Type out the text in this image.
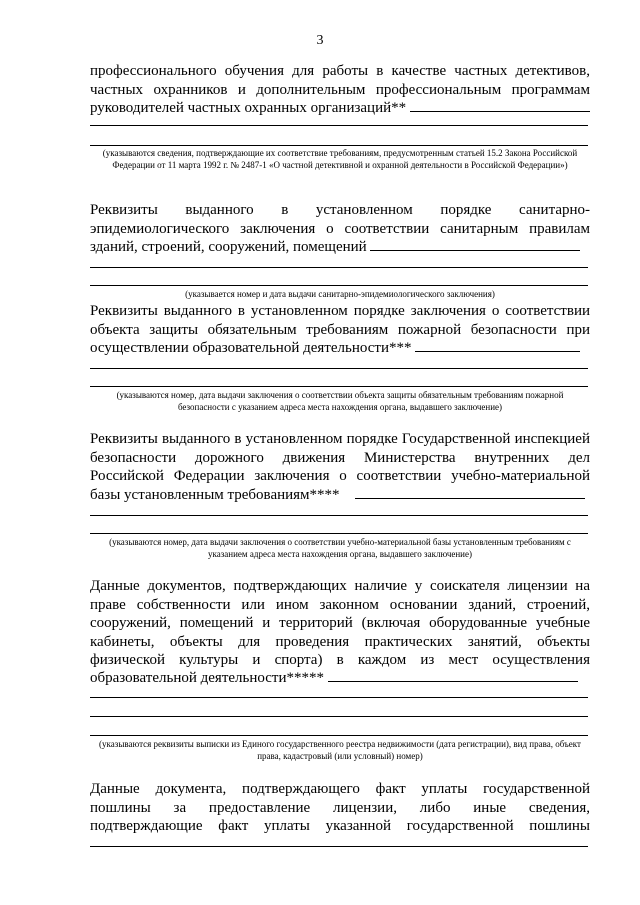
3
профессионального обучения для работы в качестве частных детективов,
частных охранников и дополнительным профессиональным программам
руководителей частных охранных организаций**
(указываются сведения, подтверждающие их соответствие требованиям, предусмотренным статьей 15.2 Закона Российской Федерации от 11 марта 1992 г. № 2487-1 «О частной детективной и охранной деятельности в Российской Федерации»)
Реквизиты выданного в установленном порядке санитарно-
эпидемиологического заключения о соответствии санитарным правилам
зданий, строений, сооружений, помещений
(указывается номер и дата выдачи санитарно-эпидемиологического заключения)
Реквизиты выданного в установленном порядке заключения о соответствии
объекта защиты обязательным требованиям пожарной безопасности при
осуществлении образовательной деятельности***
(указываются номер, дата выдачи заключения о соответствии объекта защиты обязательным требованиям пожарной безопасности с указанием адреса места нахождения органа, выдавшего заключение)
Реквизиты выданного в установленном порядке Государственной инспекцией
безопасности дорожного движения Министерства внутренних дел
Российской Федерации заключения о соответствии учебно-материальной
базы установленным требованиям****
(указываются номер, дата выдачи заключения о соответствии учебно-материальной базы установленным требованиям с указанием адреса места нахождения органа, выдавшего заключение)
Данные документов, подтверждающих наличие у соискателя лицензии на
праве собственности или ином законном основании зданий, строений,
сооружений, помещений и территорий (включая оборудованные учебные
кабинеты, объекты для проведения практических занятий, объекты
физической культуры и спорта) в каждом из мест осуществления
образовательной деятельности*****
(указываются реквизиты выписки из Единого государственного реестра недвижимости (дата регистрации), вид права, объект права, кадастровый (или условный) номер)
Данные документа, подтверждающего факт уплаты государственной
пошлины за предоставление лицензии, либо иные сведения,
подтверждающие факт уплаты указанной государственной пошлины
